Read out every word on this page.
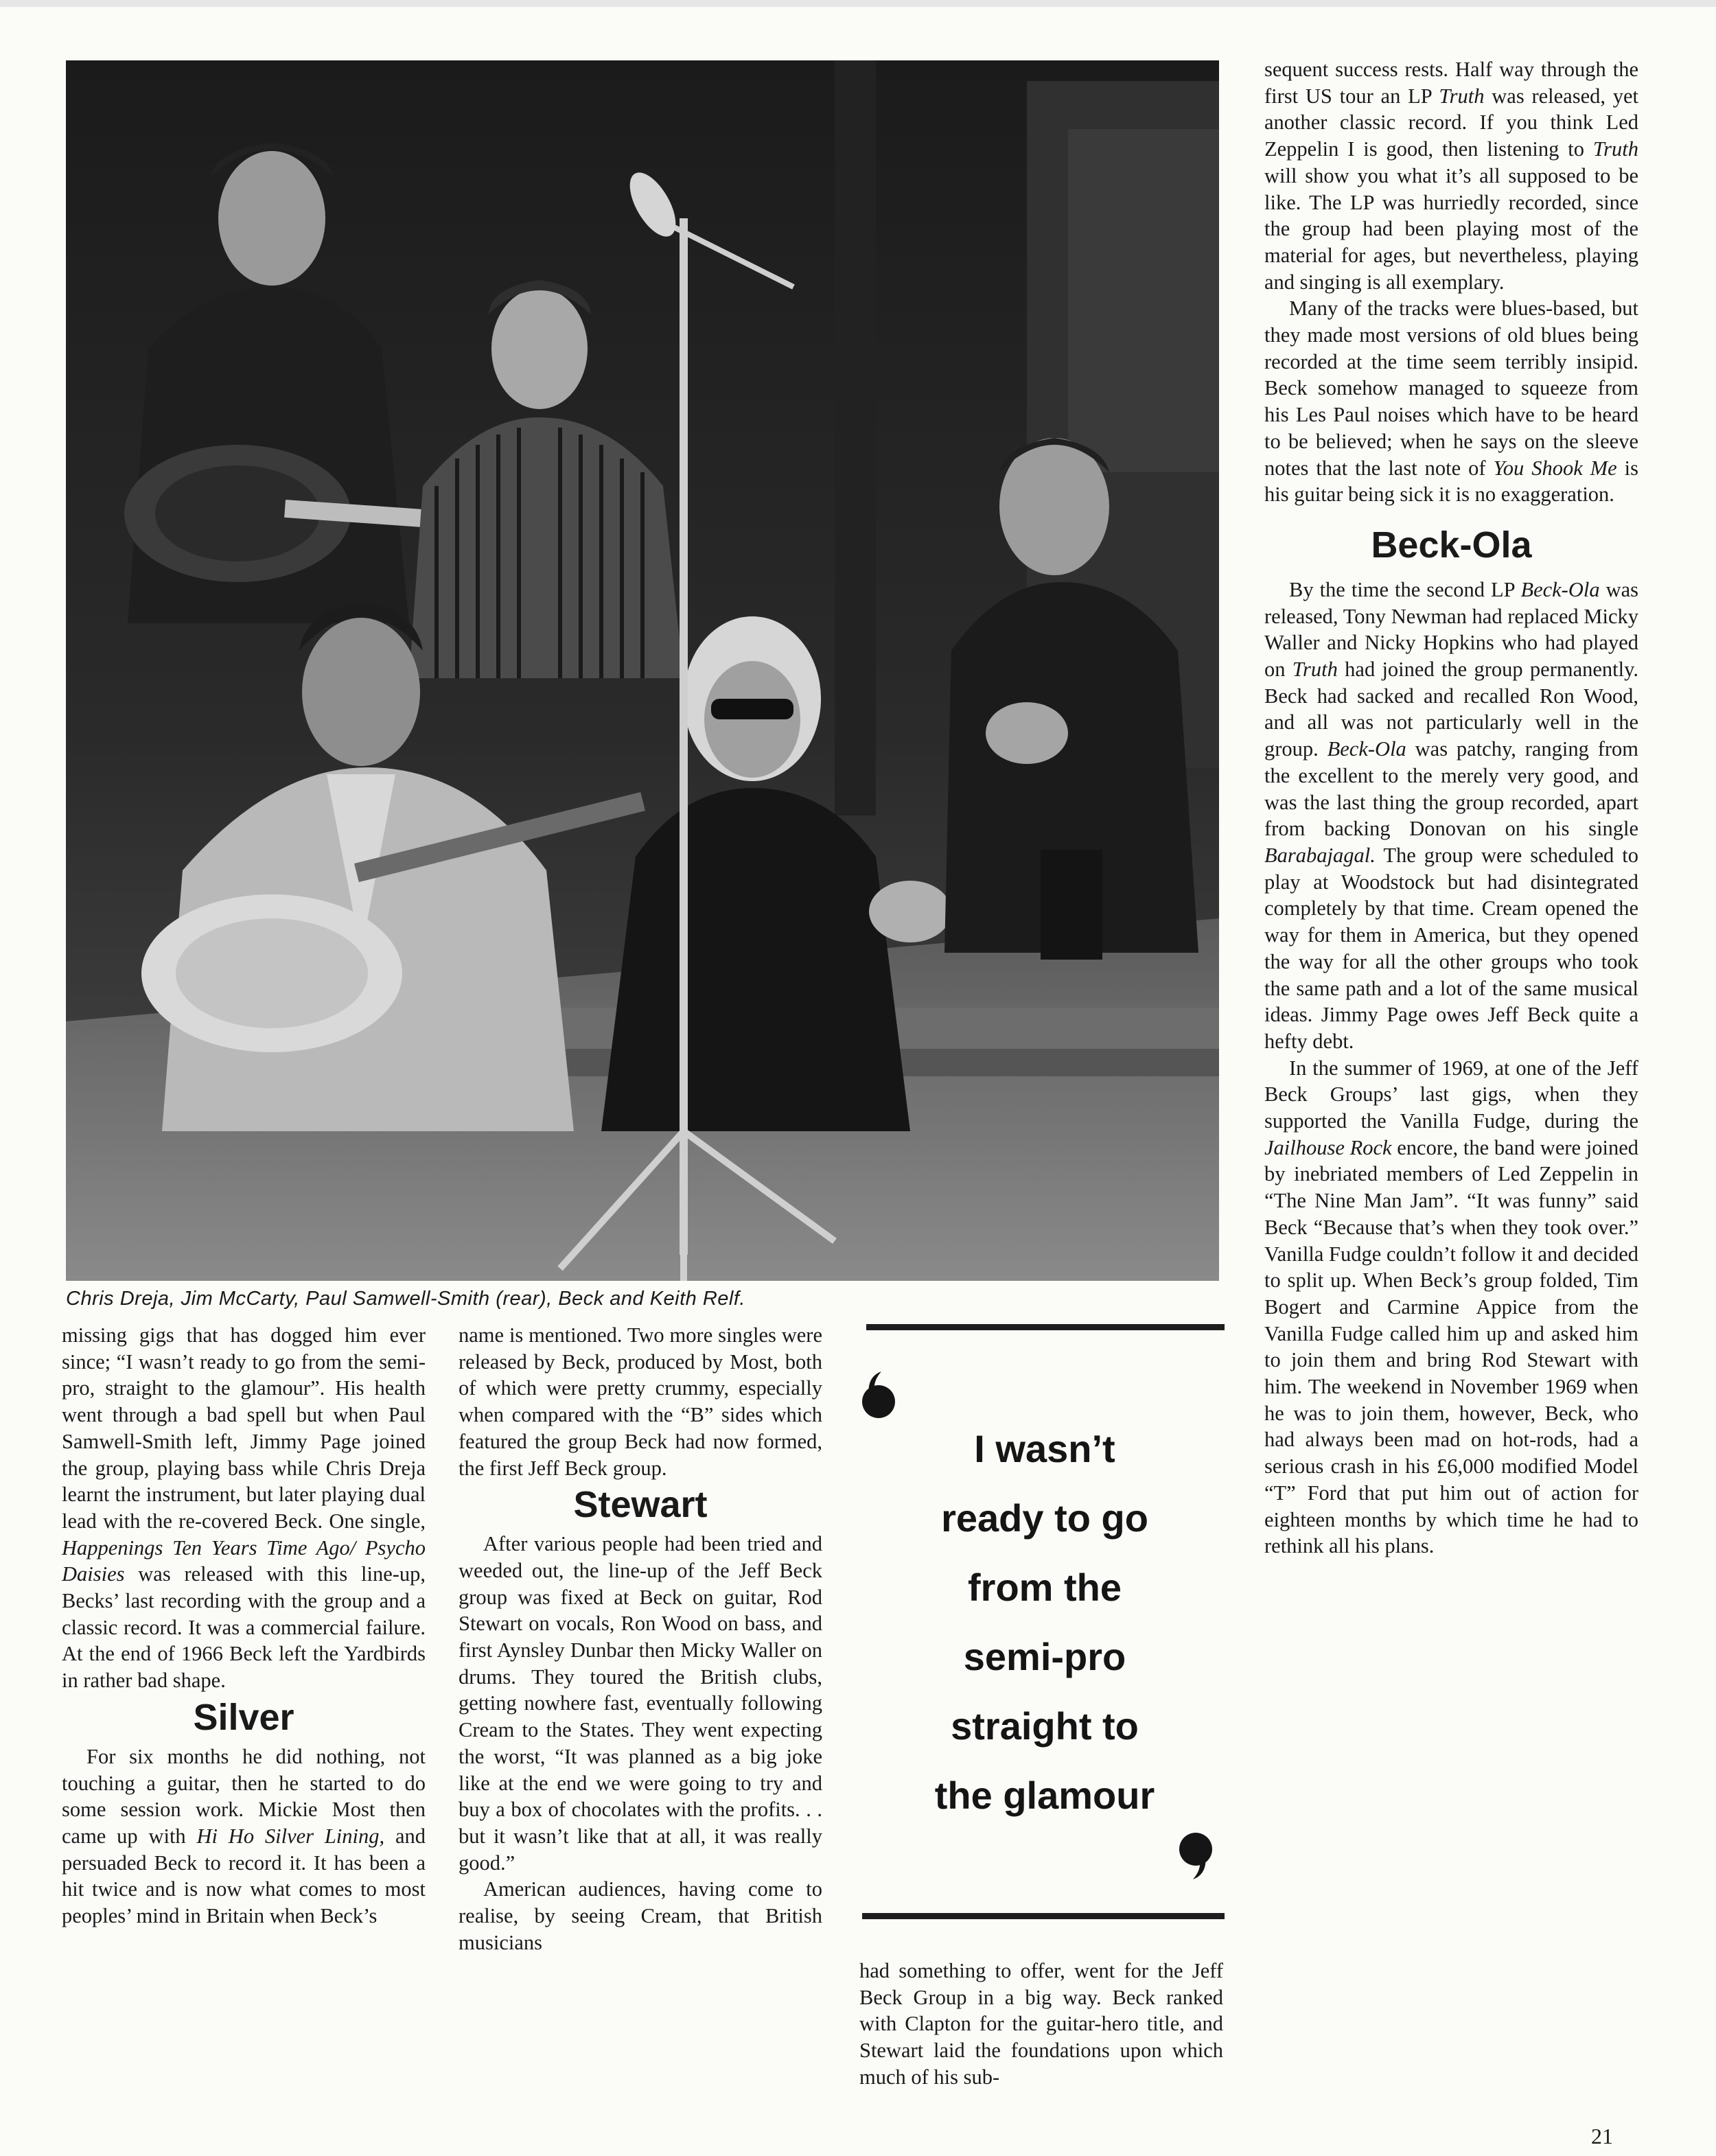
Chris Dreja, Jim McCarty, Paul Samwell-Smith (rear), Beck and Keith Relf.

missing gigs that has dogged him ever since; “I wasn’t ready to go from the semi-pro, straight to the glamour”. His health went through a bad spell but when Paul Samwell-Smith left, Jimmy Page joined the group, playing bass while Chris Dreja learnt the instrument, but later playing dual lead with the re-covered Beck. One single, Happenings Ten Years Time Ago/ Psycho Daisies was released with this line-up, Becks’ last recording with the group and a classic record. It was a commercial failure. At the end of 1966 Beck left the Yardbirds in rather bad shape.

Silver

For six months he did nothing, not touching a guitar, then he started to do some session work. Mickie Most then came up with Hi Ho Silver Lining, and persuaded Beck to record it. It has been a hit twice and is now what comes to most peoples’ mind in Britain when Beck’s

name is mentioned. Two more singles were released by Beck, produced by Most, both of which were pretty crummy, especially when compared with the “B” sides which featured the group Beck had now formed, the first Jeff Beck group.

Stewart

After various people had been tried and weeded out, the line-up of the Jeff Beck group was fixed at Beck on guitar, Rod Stewart on vocals, Ron Wood on bass, and first Aynsley Dunbar then Micky Waller on drums. They toured the British clubs, getting nowhere fast, eventually following Cream to the States. They went expecting the worst, “It was planned as a big joke like at the end we were going to try and buy a box of chocolates with the profits. . . but it wasn’t like that at all, it was really good.”

American audiences, having come to realise, by seeing Cream, that British musicians

I wasn’t
ready to go
from the
semi-pro
straight to
the glamour

had something to offer, went for the Jeff Beck Group in a big way. Beck ranked with Clapton for the guitar-hero title, and Stewart laid the foundations upon which much of his sub-

sequent success rests. Half way through the first US tour an LP Truth was released, yet another classic record. If you think Led Zeppelin I is good, then listening to Truth will show you what it’s all supposed to be like. The LP was hurriedly recorded, since the group had been playing most of the material for ages, but nevertheless, playing and singing is all exemplary.

Many of the tracks were blues-based, but they made most versions of old blues being recorded at the time seem terribly insipid. Beck somehow managed to squeeze from his Les Paul noises which have to be heard to be believed; when he says on the sleeve notes that the last note of You Shook Me is his guitar being sick it is no exaggeration.

Beck-Ola

By the time the second LP Beck-Ola was released, Tony Newman had replaced Micky Waller and Nicky Hopkins who had played on Truth had joined the group permanently. Beck had sacked and recalled Ron Wood, and all was not particularly well in the group. Beck-Ola was patchy, ranging from the excellent to the merely very good, and was the last thing the group recorded, apart from backing Donovan on his single Barabajagal. The group were scheduled to play at Woodstock but had disintegrated completely by that time. Cream opened the way for them in America, but they opened the way for all the other groups who took the same path and a lot of the same musical ideas. Jimmy Page owes Jeff Beck quite a hefty debt.

In the summer of 1969, at one of the Jeff Beck Groups’ last gigs, when they supported the Vanilla Fudge, during the Jailhouse Rock encore, the band were joined by inebriated members of Led Zeppelin in “The Nine Man Jam”. “It was funny” said Beck “Because that’s when they took over.” Vanilla Fudge couldn’t follow it and decided to split up. When Beck’s group folded, Tim Bogert and Carmine Appice from the Vanilla Fudge called him up and asked him to join them and bring Rod Stewart with him. The weekend in November 1969 when he was to join them, however, Beck, who had always been mad on hot-rods, had a serious crash in his £6,000 modified Model “T” Ford that put him out of action for eighteen months by which time he had to rethink all his plans.

21
